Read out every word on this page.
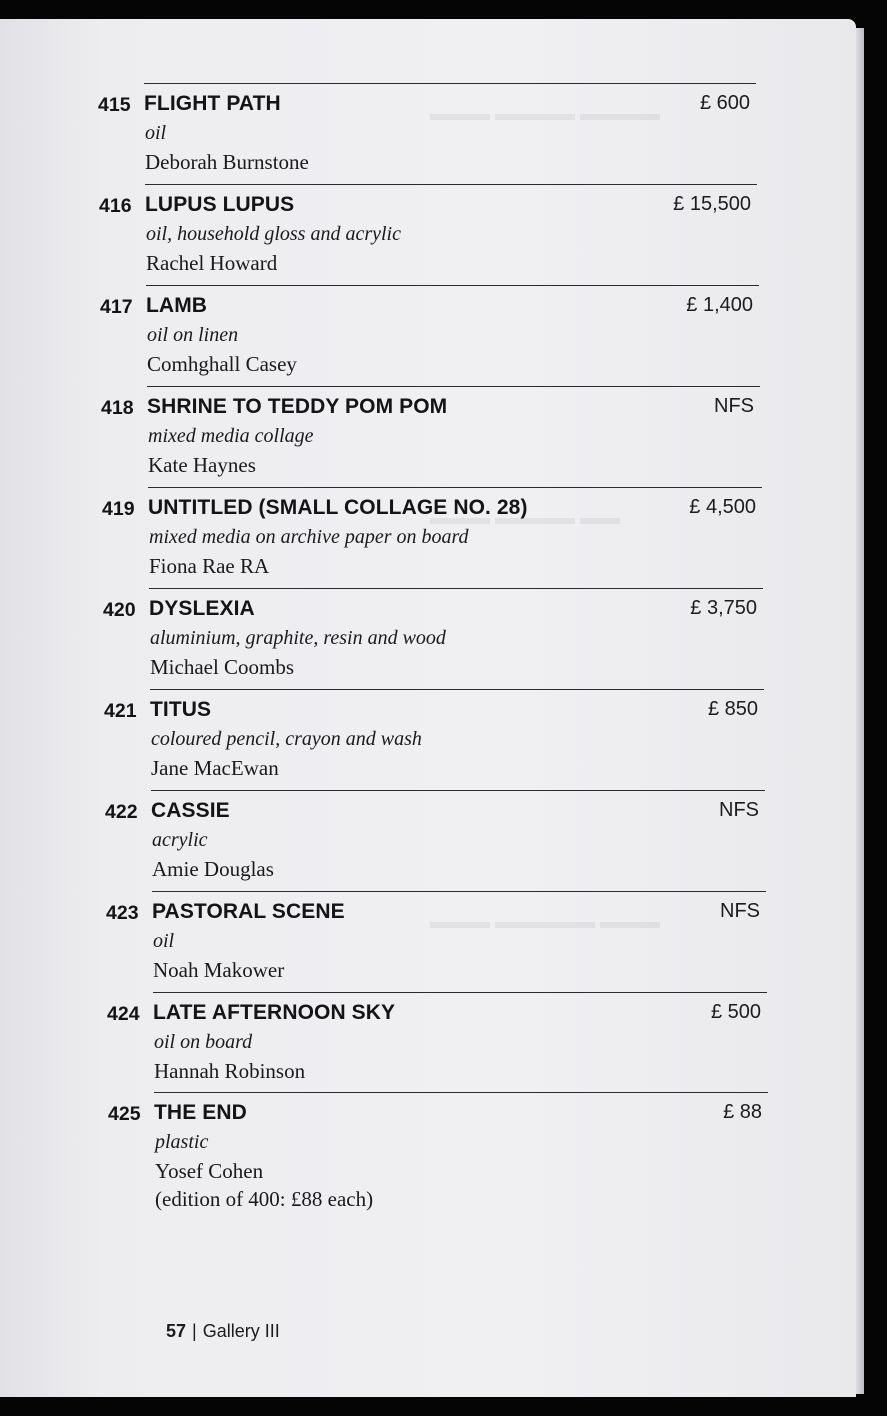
▬▬▬ ▬▬▬▬ ▬▬▬▬
▬▬▬ ▬▬▬▬ ▬▬
▬▬▬ ▬▬▬▬▬ ▬▬▬
415 FLIGHT PATH	£ 600
oil
Deborah Burnstone
416 LUPUS LUPUS	£ 15,500
oil, household gloss and acrylic
Rachel Howard
417 LAMB	£ 1,400
oil on linen
Comhghall Casey
418 SHRINE TO TEDDY POM POM	NFS
mixed media collage
Kate Haynes
419 UNTITLED (SMALL COLLAGE NO. 28)	£ 4,500
mixed media on archive paper on board
Fiona Rae RA
420 DYSLEXIA	£ 3,750
aluminium, graphite, resin and wood
Michael Coombs
421 TITUS	£ 850
coloured pencil, crayon and wash
Jane MacEwan
422 CASSIE	NFS
acrylic
Amie Douglas
423 PASTORAL SCENE	NFS
oil
Noah Makower
424 LATE AFTERNOON SKY	£ 500
oil on board
Hannah Robinson
425 THE END	£ 88
plastic
Yosef Cohen
(edition of 400: £88 each)
57 | Gallery III
